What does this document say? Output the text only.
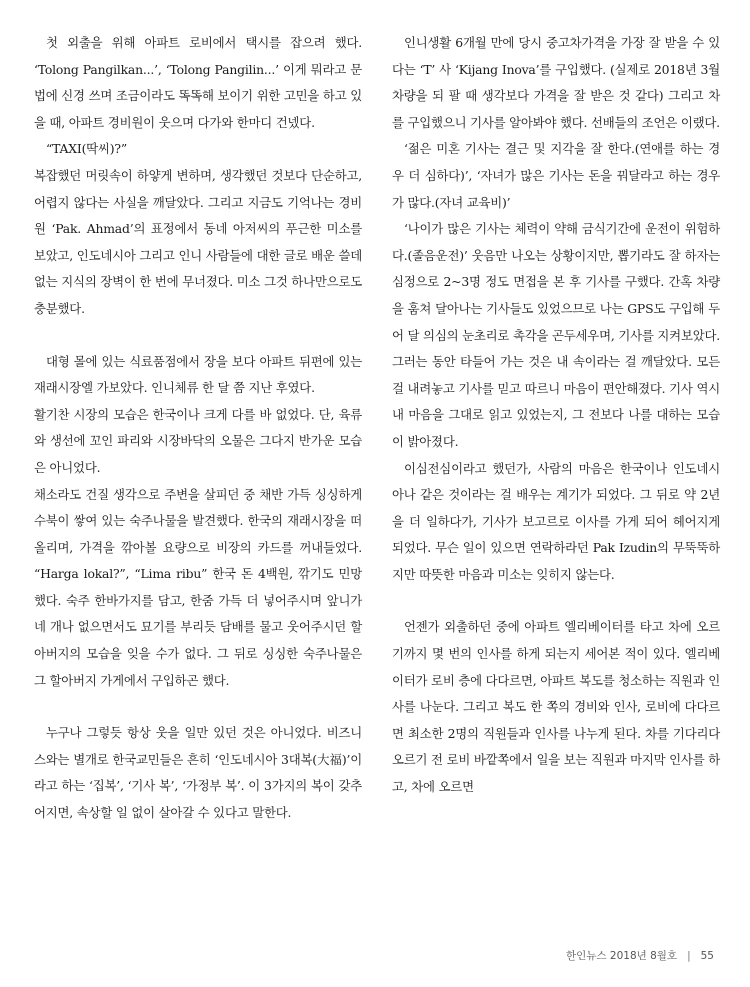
첫 외출을 위해 아파트 로비에서 택시를 잡으려 했다. ‘Tolong Pangilkan...’, ‘Tolong Pangilin...’ 이게 뭐라고 문법에 신경 쓰며 조금이라도 똑똑해 보이기 위한 고민을 하고 있을 때, 아파트 경비원이 웃으며 다가와 한마디 건넸다.

“TAXI(딱씨)?”

복잡했던 머릿속이 하얗게 변하며, 생각했던 것보다 단순하고, 어렵지 않다는 사실을 깨달았다. 그리고 지금도 기억나는 경비원 ‘Pak. Ahmad’의 표정에서 동네 아저씨의 푸근한 미소를 보았고, 인도네시아 그리고 인니 사람들에 대한 글로 배운 쓸데없는 지식의 장벽이 한 번에 무너졌다. 미소 그것 하나만으로도 충분했다.

대형 몰에 있는 식료품점에서 장을 보다 아파트 뒤편에 있는 재래시장엘 가보았다. 인니체류 한 달 쯤 지난 후였다.

활기찬 시장의 모습은 한국이나 크게 다를 바 없었다. 단, 육류와 생선에 꼬인 파리와 시장바닥의 오물은 그다지 반가운 모습은 아니었다.

채소라도 건질 생각으로 주변을 살피던 중 채반 가득 싱싱하게 수북이 쌓여 있는 숙주나물을 발견했다. 한국의 재래시장을 떠올리며, 가격을 깎아볼 요량으로 비장의 카드를 꺼내들었다. “Harga lokal?”, “Lima ribu” 한국 돈 4백원, 깎기도 민망했다. 숙주 한바가지를 담고, 한줌 가득 더 넣어주시며 앞니가 네 개나 없으면서도 묘기를 부리듯 담배를 물고 웃어주시던 할아버지의 모습을 잊을 수가 없다. 그 뒤로 싱싱한 숙주나물은 그 할아버지 가게에서 구입하곤 했다.

누구나 그렇듯 항상 웃을 일만 있던 것은 아니었다. 비즈니스와는 별개로 한국교민들은 흔히 ‘인도네시아 3대복(大福)’이라고 하는 ‘집복’, ‘기사 복’, ‘가정부 복’. 이 3가지의 복이 갖추어지면, 속상할 일 없이 살아갈 수 있다고 말한다.

인니생활 6개월 만에 당시 중고차가격을 가장 잘 받을 수 있다는 ‘T’ 사 ‘Kijang Inova’를 구입했다. (실제로 2018년 3월 차량을 되 팔 때 생각보다 가격을 잘 받은 것 같다) 그리고 차를 구입했으니 기사를 알아봐야 했다. 선배들의 조언은 이랬다.

‘젊은 미혼 기사는 결근 및 지각을 잘 한다.(연애를 하는 경우 더 심하다)’, ‘자녀가 많은 기사는 돈을 꿔달라고 하는 경우가 많다.(자녀 교육비)’

‘나이가 많은 기사는 체력이 약해 금식기간에 운전이 위험하다.(졸음운전)’ 웃음만 나오는 상황이지만, 뽑기라도 잘 하자는 심정으로 2~3명 정도 면접을 본 후 기사를 구했다. 간혹 차량을 훔쳐 달아나는 기사들도 있었으므로 나는 GPS도 구입해 두어 달 의심의 눈초리로 촉각을 곤두세우며, 기사를 지켜보았다. 그러는 동안 타들어 가는 것은 내 속이라는 걸 깨달았다. 모든 걸 내려놓고 기사를 믿고 따르니 마음이 편안해졌다. 기사 역시 내 마음을 그대로 읽고 있었는지, 그 전보다 나를 대하는 모습이 밝아졌다.

이심전심이라고 했던가, 사람의 마음은 한국이나 인도네시아나 같은 것이라는 걸 배우는 계기가 되었다. 그 뒤로 약 2년을 더 일하다가, 기사가 보고르로 이사를 가게 되어 헤어지게 되었다. 무슨 일이 있으면 연락하라던 Pak Izudin의 무뚝뚝하지만 따뜻한 마음과 미소는 잊히지 않는다.

언젠가 외출하던 중에 아파트 엘리베이터를 타고 차에 오르기까지 몇 번의 인사를 하게 되는지 세어본 적이 있다. 엘리베이터가 로비 층에 다다르면, 아파트 복도를 청소하는 직원과 인사를 나눈다. 그리고 복도 한 쪽의 경비와 인사, 로비에 다다르면 최소한 2명의 직원들과 인사를 나누게 된다. 차를 기다리다 오르기 전 로비 바깥쪽에서 일을 보는 직원과 마지막 인사를 하고, 차에 오르면

한인뉴스 2018년 8월호 | 55
